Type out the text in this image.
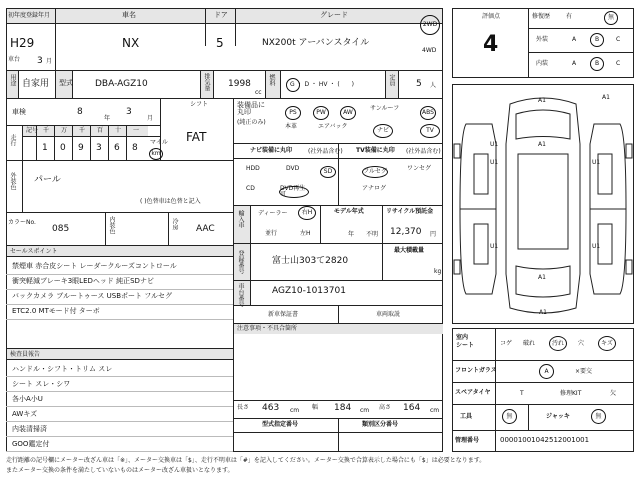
初年度登録年月	車名	ドア	グレード
H29
3 月
NX	5	NX200t アーバンスタイル
2WD
4WD
用途 自家用 型式 DBA-AGZ10	排気量 1998
cc
燃料	G ・ D ・ HV ・ (　　)	定員 5 人
車台
車検	8
年
3
月
シフト
FAT
走行
記号 千 万 千 百 十 一
1 0 9 3 6 8
マイル
km
外装色 パール
( )色替車は色替と記入
カラーNo.
085	内装色	冷房 AAC
セールスポイント
禁煙車 赤合皮シート レーダークルーズコントロール
衝突軽減ブレーキ3眼LEDヘッド 純正SDナビ
バックカメラ ブルートゥース USBポート フルセグ
ETC2.0 MTモード付 ターボ
検査員報告
ハンドル・シフト・トリム スレ
シート スレ・シワ
各小A小U
AWキズ
内装清掃済
GOO鑑定付
装備品に
丸印
(純正のみ)
PS	PW	AW
サンルーフ
ABS
本革	エアバック
ナビ	TV
ナビ装備に丸印	(社外品含む) TV装備に丸印 (社外品含む)
HDD	DVD	SD
CD	DVD再生可
フルセグ	ワンセグ
アナログ
輸入車 ディーラー 右H
並行	左H
モデル年式
年 不明
リサイクル預託金
12,370 円
登録番号	富士山303て2820
最大積載量
kg
車台番号	AGZ10-1013701
新車保証書	車両取説
注意事項・不具合箇所
長さ 463 cm 幅 184 cm 高さ 164 cm
型式指定番号	類別区分番号
評価点
4
修復歴
外装
内装
有	無
A	B	C
A	B	C
A1
A1
U1
U1
U1
U1
A1
A1
U1
A1
室内
シート
フロントガラス
スペアタイヤ
工具	ジャッキ
管理番号	00001001042512001001
コゲ 破れ	汚れ	穴	キズ
A	×要交
T	修理KIT	欠
無	無
走行距離の記号欄にメーター改ざん車は「※」、メーター交換車は「$」、走行不明車は「#」を記入してください。メーター交換で合算表示した場合にも「$」は必要となります。
またメーター交換の条件を満たしていないものはメーター改ざん車扱いとなります。
